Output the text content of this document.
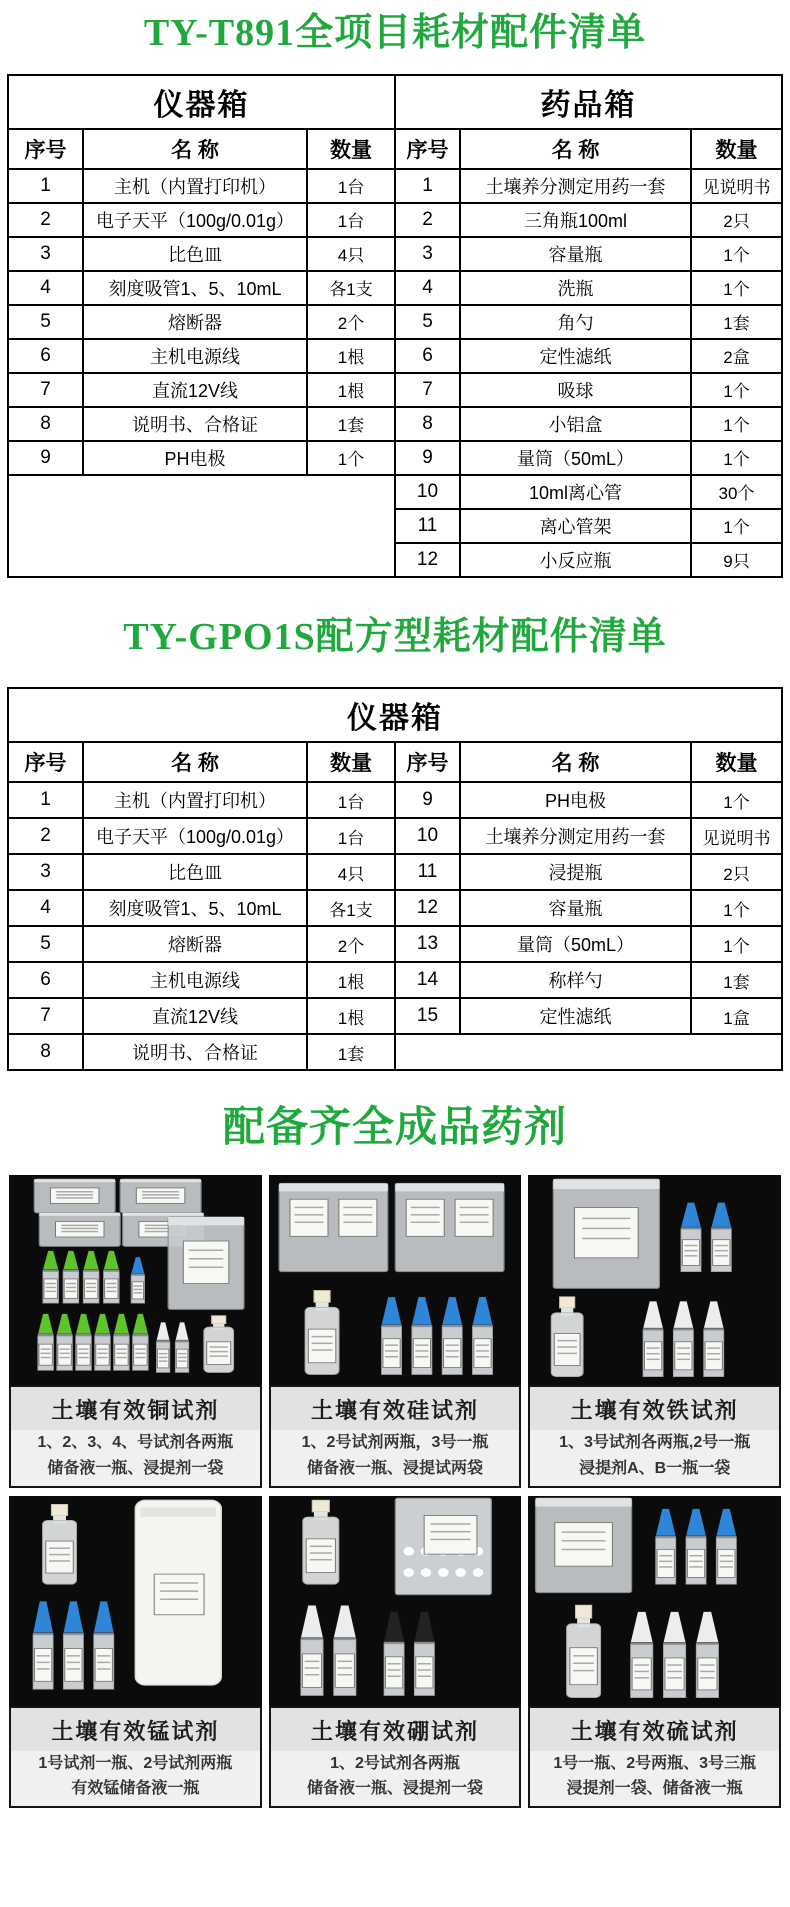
TY-T891全项目耗材配件清单
仪器箱			药品箱		
序号	名 称	数量	序号	名 称	数量
1	主机（内置打印机）	1台	1	土壤养分测定用药一套	见说明书
2	电子天平（100g/0.01g）	1台	2	三角瓶100ml	2只
3	比色皿	4只	3	容量瓶	1个
4	刻度吸管1、5、10mL	各1支	4	洗瓶	1个
5	熔断器	2个	5	角勺	1套
6	主机电源线	1根	6	定性滤纸	2盒
7	直流12V线	1根	7	吸球	1个
8	说明书、合格证	1套	8	小铝盒	1个
9	PH电极	1个	9	量筒（50mL）	1个
			10	10ml离心管	30个
			11	离心管架	1个
			12	小反应瓶	9只
TY-GPO1S配方型耗材配件清单
仪器箱					
序号	名 称	数量	序号	名 称	数量
1	主机（内置打印机）	1台	9	PH电极	1个
2	电子天平（100g/0.01g）	1台	10	土壤养分测定用药一套	见说明书
3	比色皿	4只	11	浸提瓶	2只
4	刻度吸管1、5、10mL	各1支	12	容量瓶	1个
5	熔断器	2个	13	量筒（50mL）	1个
6	主机电源线	1根	14	称样勺	1套
7	直流12V线	1根	15	定性滤纸	1盒
8	说明书、合格证	1套			
配备齐全成品药剂
土壤有效铜试剂
1、2、3、4、号试剂各两瓶
储备液一瓶、浸提剂一袋
土壤有效硅试剂
1、2号试剂两瓶，3号一瓶
储备液一瓶、浸提试两袋
土壤有效铁试剂
1、3号试剂各两瓶,2号一瓶
浸提剂A、B一瓶一袋
土壤有效锰试剂
1号试剂一瓶、2号试剂两瓶
有效锰储备液一瓶
土壤有效硼试剂
1、2号试剂各两瓶
储备液一瓶、浸提剂一袋
土壤有效硫试剂
1号一瓶、2号两瓶、3号三瓶
浸提剂一袋、储备液一瓶
